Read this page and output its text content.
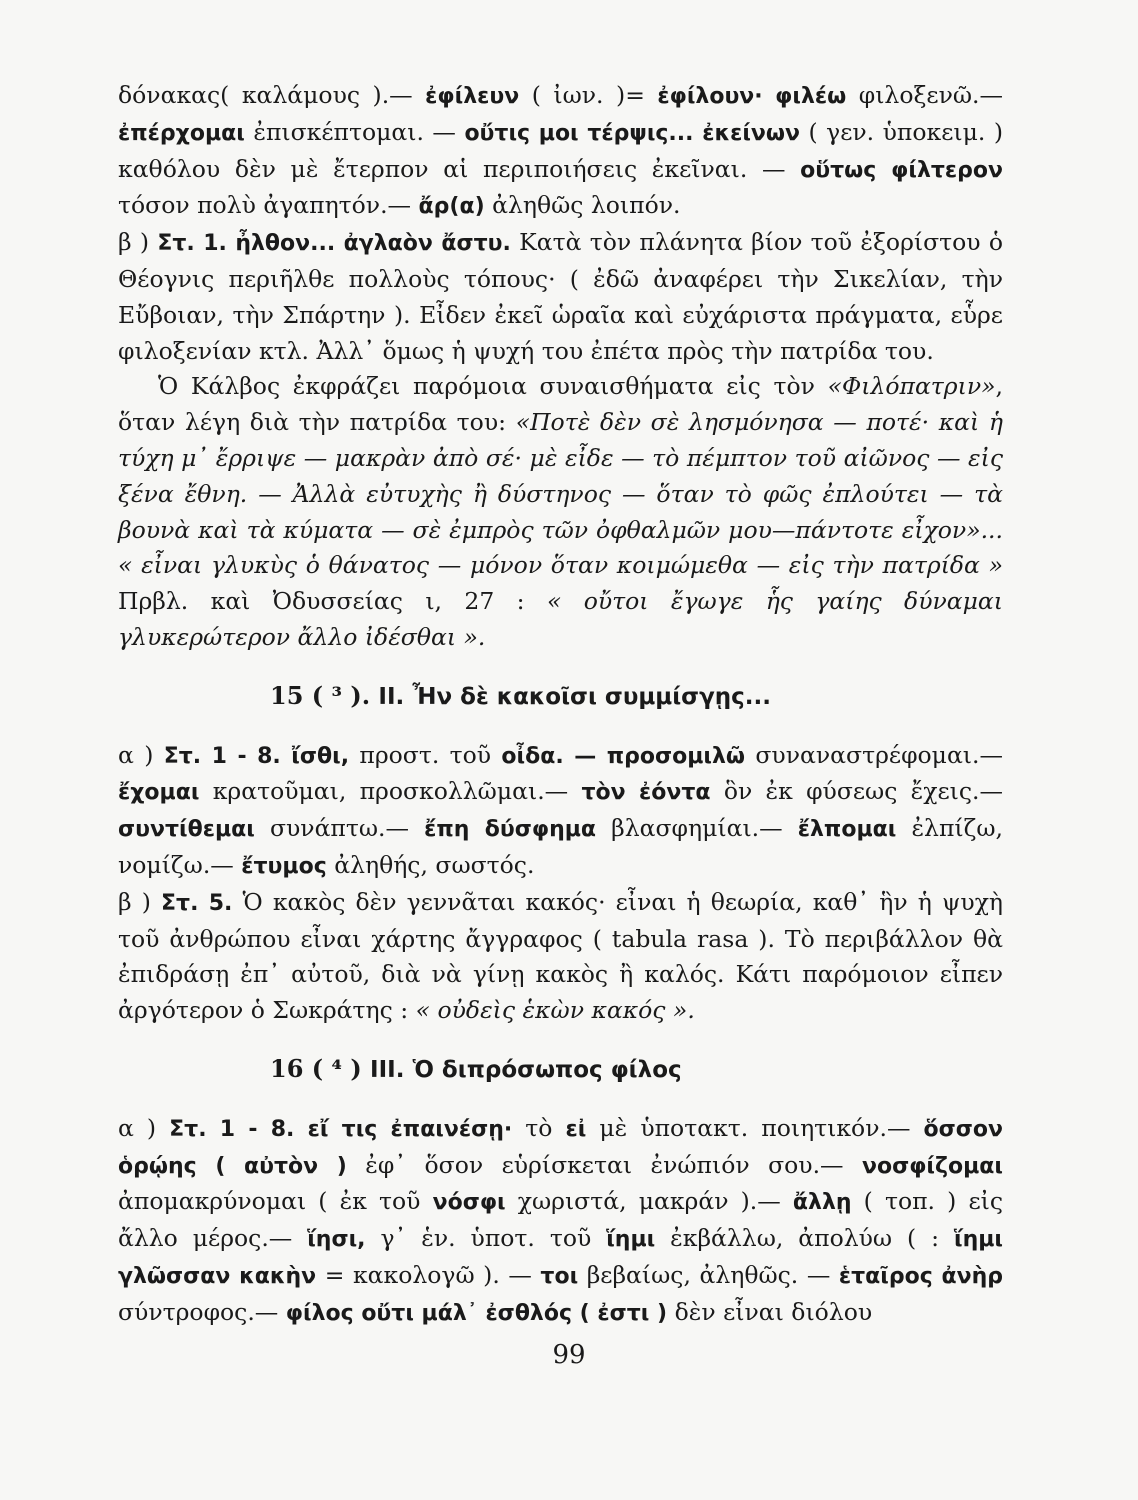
δόνακας( καλάμους ).— ἐφίλευν ( ἰων. )= ἐφίλουν· φιλέω φιλοξενῶ.— ἐπέρχομαι ἐπισκέπτομαι. — οὔτις μοι τέρψις... ἐκείνων ( γεν. ὑποκειμ. ) καθόλου δὲν μὲ ἔτερπον αἱ περιποιήσεις ἐκεῖναι. — οὕτως φίλτερον τόσον πολὺ ἀγαπητόν.— ἄρ(α) ἀληθῶς λοιπόν.

β ) Στ. 1. ἦλθον... ἀγλαὸν ἄστυ. Κατὰ τὸν πλάνητα βίον τοῦ ἐξορίστου ὁ Θέογνις περιῆλθε πολλοὺς τόπους· ( ἐδῶ ἀναφέρει τὴν Σικελίαν, τὴν Εὔβοιαν, τὴν Σπάρτην ). Εἶδεν ἐκεῖ ὡραῖα καὶ εὐχάριστα πράγματα, εὗρε φιλοξενίαν κτλ. Ἀλλ᾽ ὅμως ἡ ψυχή του ἐπέτα πρὸς τὴν πατρίδα του.

Ὁ Κάλβος ἐκφράζει παρόμοια συναισθήματα εἰς τὸν «Φιλόπατριν», ὅταν λέγη διὰ τὴν πατρίδα του: «Ποτὲ δὲν σὲ λησμόνησα — ποτέ· καὶ ἡ τύχη μ᾽ ἔρριψε — μακρὰν ἀπὸ σέ· μὲ εἶδε — τὸ πέμπτον τοῦ αἰῶνος — εἰς ξένα ἔθνη. — Ἀλλὰ εὐτυχὴς ἢ δύστηνος — ὅταν τὸ φῶς ἐπλούτει — τὰ βουνὰ καὶ τὰ κύματα — σὲ ἐμπρὸς τῶν ὀφθαλμῶν μου—πάντοτε εἶχον»... « εἶναι γλυκὺς ὁ θάνατος — μόνον ὅταν κοιμώμεθα — εἰς τὴν πατρίδα » Πρβλ. καὶ Ὀδυσσείας ι, 27 : « οὔτοι ἔγωγε ἧς γαίης δύναμαι γλυκερώτερον ἄλλο ἰδέσθαι ».

15 ( ³ ). ΙΙ. Ἦν δὲ κακοῖσι συμμίσγῃς...

α ) Στ. 1 - 8. ἴσθι, προστ. τοῦ οἶδα. — προσομιλῶ συναναστρέφομαι.— ἔχομαι κρατοῦμαι, προσκολλῶμαι.— τὸν ἐόντα ὃν ἐκ φύσεως ἔχεις.— συντίθεμαι συνάπτω.— ἔπη δύσφημα βλασφημίαι.— ἔλπομαι ἐλπίζω, νομίζω.— ἔτυμος ἀληθής, σωστός.

β ) Στ. 5. Ὁ κακὸς δὲν γεννᾶται κακός· εἶναι ἡ θεωρία, καθ᾽ ἣν ἡ ψυχὴ τοῦ ἀνθρώπου εἶναι χάρτης ἄγγραφος ( tabula rasa ). Τὸ περιβάλλον θὰ ἐπιδράσῃ ἐπ᾽ αὐτοῦ, διὰ νὰ γίνῃ κακὸς ἢ καλός. Κάτι παρόμοιον εἶπεν ἀργότερον ὁ Σωκράτης : « οὐδεὶς ἑκὼν κακός ».

16 ( ⁴ ) ΙΙΙ. Ὁ διπρόσωπος φίλος

α ) Στ. 1 - 8. εἴ τις ἐπαινέσῃ· τὸ εἰ μὲ ὑποτακτ. ποιητικόν.— ὅσσον ὁρῴης ( αὐτὸν ) ἐφ᾽ ὅσον εὑρίσκεται ἐνώπιόν σου.— νοσφίζομαι ἀπομακρύνομαι ( ἐκ τοῦ νόσφι χωριστά, μακράν ).— ἄλλῃ ( τοπ. ) εἰς ἄλλο μέρος.— ἵησι, γ᾽ ἑν. ὑποτ. τοῦ ἵημι ἐκβάλλω, ἀπολύω ( : ἵημι γλῶσσαν κακὴν = κακολογῶ ). — τοι βεβαίως, ἀληθῶς. — ἑταῖρος ἀνὴρ σύντροφος.— φίλος οὔτι μάλ᾽ ἐσθλός ( ἐστι ) δὲν εἶναι διόλου

99
